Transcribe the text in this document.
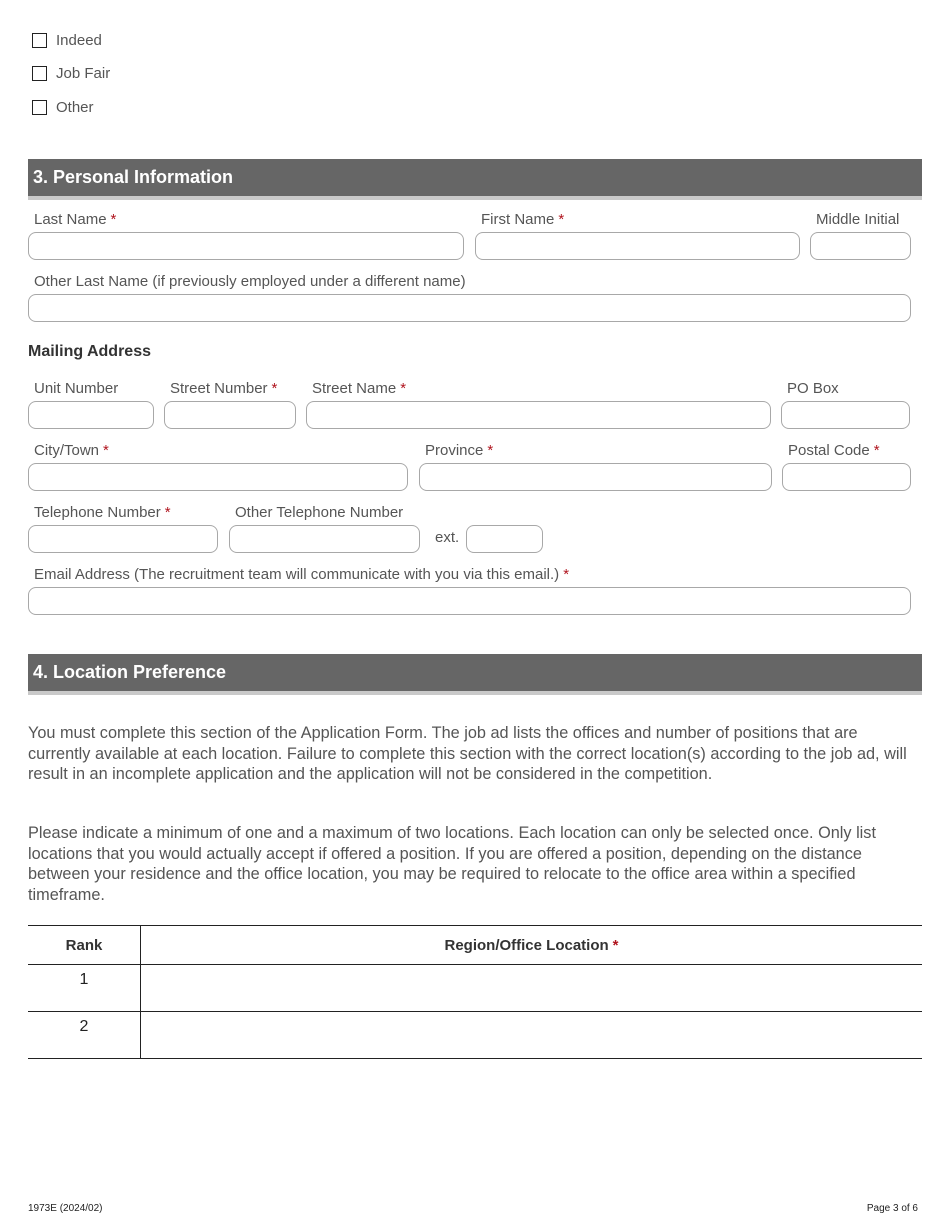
Indeed
Job Fair
Other
3. Personal Information
Last Name *	First Name *	Middle Initial
Other Last Name (if previously employed under a different name)
Mailing Address
Unit Number	Street Number * Street Name *	PO Box
City/Town *	Province *	Postal Code *
Telephone Number *	Other Telephone Number
ext.
Email Address (The recruitment team will communicate with you via this email.) *
4. Location Preference
You must complete this section of the Application Form. The job ad lists the offices and number of positions that are currently available at each location. Failure to complete this section with the correct location(s) according to the job ad, will result in an incomplete application and the application will not be considered in the competition.
Please indicate a minimum of one and a maximum of two locations. Each location can only be selected once. Only list locations that you would actually accept if offered a position. If you are offered a position, depending on the distance between your residence and the office location, you may be required to relocate to the office area within a specified timeframe.
Rank	Region/Office Location *
1	
2	
1973E (2024/02)	Page 3 of 6
